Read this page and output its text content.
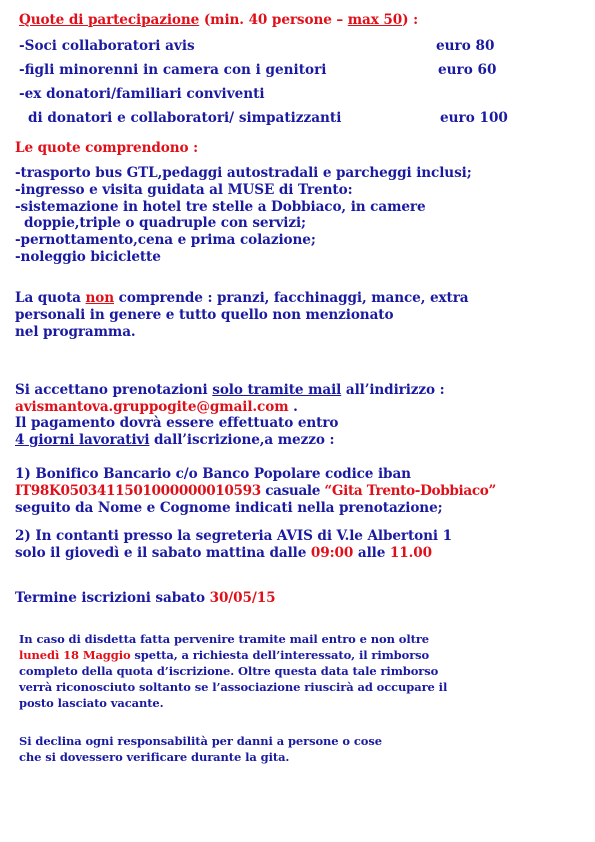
Quote di partecipazione (min. 40 persone – max 50) :
-Soci collaboratori avis	euro 80
-figli minorenni in camera con i genitori	euro 60
-ex donatori/familiari conviventi
di donatori e collaboratori/ simpatizzanti	euro 100
Le quote comprendono :
-trasporto bus GTL,pedaggi autostradali e parcheggi inclusi;
-ingresso e visita guidata al MUSE di Trento:
-sistemazione in hotel tre stelle a Dobbiaco, in camere
doppie,triple o quadruple con servizi;
-pernottamento,cena e prima colazione;
-noleggio biciclette
La quota non comprende : pranzi, facchinaggi, mance, extra
personali in genere e tutto quello non menzionato
nel programma.
Si accettano prenotazioni solo tramite mail all’indirizzo :
avismantova.gruppogite@gmail.com .
Il pagamento dovrà essere effettuato entro
4 giorni lavorativi dall’iscrizione,a mezzo :
1) Bonifico Bancario c/o Banco Popolare codice iban
IT98K0503411501000000010593 casuale “Gita Trento-Dobbiaco”
seguito da Nome e Cognome indicati nella prenotazione;
2) In contanti presso la segreteria AVIS di V.le Albertoni 1
solo il giovedì e il sabato mattina dalle 09:00 alle 11.00
Termine iscrizioni sabato 30/05/15
In caso di disdetta fatta pervenire tramite mail entro e non oltre
lunedì 18 Maggio spetta, a richiesta dell’interessato, il rimborso
completo della quota d’iscrizione. Oltre questa data tale rimborso
verrà riconosciuto soltanto se l’associazione riuscirà ad occupare il
posto lasciato vacante.
Si declina ogni responsabilità per danni a persone o cose
che si dovessero verificare durante la gita.
